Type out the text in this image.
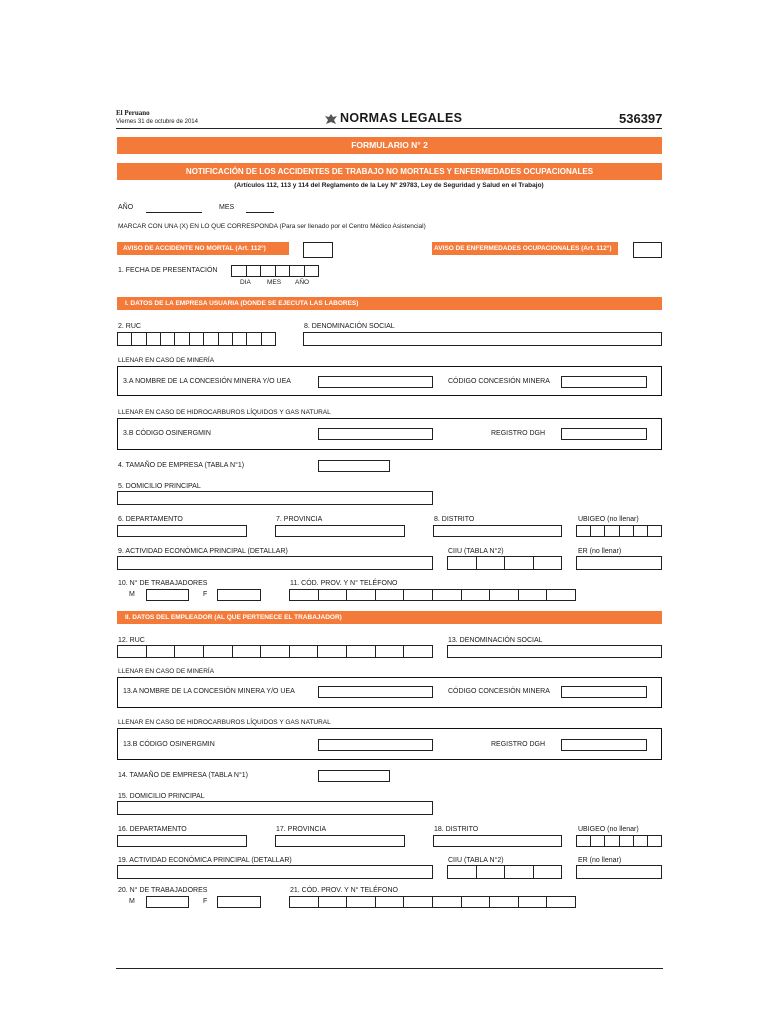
El Peruano
Viernes 31 de octubre de 2014	NORMAS LEGALES	536397
FORMULARIO N° 2
NOTIFICACIÓN DE LOS ACCIDENTES DE TRABAJO NO MORTALES Y ENFERMEDADES OCUPACIONALES
(Artículos 112, 113 y 114 del Reglamento de la Ley Nº 29783, Ley de Seguridad y Salud en el Trabajo)
AÑO	MES
MARCAR CON UNA (X) EN LO QUE CORRESPONDA (Para ser llenado por el Centro Médico Asistencial)
AVISO DE ACCIDENTE NO MORTAL (Art. 112°)	AVISO DE ENFERMEDADES OCUPACIONALES (Art. 112°)
1. FECHA DE PRESENTACIÓN
DIA MES AÑO
I. DATOS DE LA EMPRESA USUARIA (DONDE SE EJECUTA LAS LABORES)
2. RUC	8. DENOMINACIÓN SOCIAL
LLENAR EN CASO DE MINERÍA
3.A NOMBRE DE LA CONCESIÓN MINERA Y/O UEA	CÓDIGO CONCESIÓN MINERA
LLENAR EN CASO DE HIDROCARBUROS LÍQUIDOS Y GAS NATURAL
3.B CÓDIGO OSINERGMIN	REGISTRO DGH
4. TAMAÑO DE EMPRESA (TABLA N°1)
5. DOMICILIO PRINCIPAL
6. DEPARTAMENTO	7. PROVINCIA	8. DISTRITO	UBIGEO (no llenar)
9. ACTIVIDAD ECONÓMICA PRINCIPAL (DETALLAR)	CIIU (TABLA N°2)	ER (no llenar)
10. N° DE TRABAJADORES
M	F
11. CÓD. PROV. Y N° TELÉFONO
II. DATOS DEL EMPLEADOR (AL QUE PERTENECE EL TRABAJADOR)
12. RUC	13. DENOMINACIÓN SOCIAL
LLENAR EN CASO DE MINERÍA
13.A NOMBRE DE LA CONCESIÓN MINERA Y/O UEA	CÓDIGO CONCESIÓN MINERA
LLENAR EN CASO DE HIDROCARBUROS LÍQUIDOS Y GAS NATURAL
13.B CÓDIGO OSINERGMIN	REGISTRO DGH
14. TAMAÑO DE EMPRESA (TABLA N°1)
15. DOMICILIO PRINCIPAL
16. DEPARTAMENTO	17. PROVINCIA	18. DISTRITO	UBIGEO (no llenar)
19. ACTIVIDAD ECONÓMICA PRINCIPAL (DETALLAR)	CIIU (TABLA N°2)	ER (no llenar)
20. N° DE TRABAJADORES
M	F
21. CÓD. PROV. Y N° TELÉFONO
